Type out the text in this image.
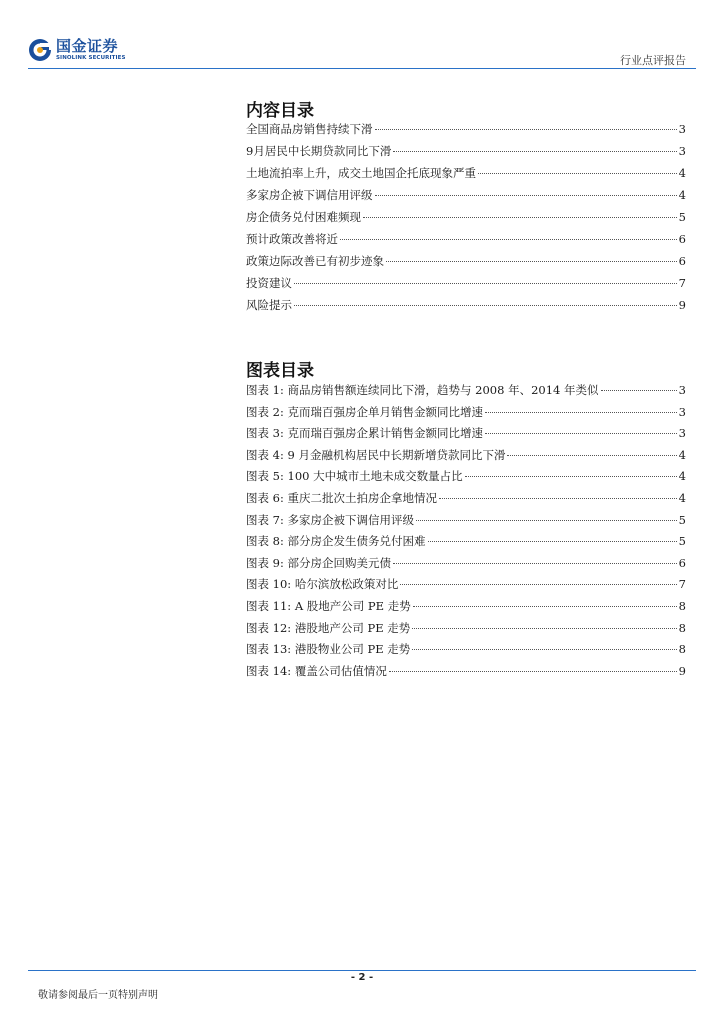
国金证券
SINOLINK SECURITIES	行业点评报告
内容目录
全国商品房销售持续下滑	3
9月居民中长期贷款同比下滑	3
土地流拍率上升，成交土地国企托底现象严重	4
多家房企被下调信用评级	4
房企债务兑付困难频现	5
预计政策改善将近	6
政策边际改善已有初步迹象	6
投资建议	7
风险提示	9
图表目录
图表 1: 商品房销售额连续同比下滑，趋势与 2008 年、2014 年类似	3
图表 2: 克而瑞百强房企单月销售金额同比增速	3
图表 3: 克而瑞百强房企累计销售金额同比增速	3
图表 4: 9 月金融机构居民中长期新增贷款同比下滑	4
图表 5: 100 大中城市土地未成交数量占比	4
图表 6: 重庆二批次土拍房企拿地情况	4
图表 7: 多家房企被下调信用评级	5
图表 8: 部分房企发生债务兑付困难	5
图表 9: 部分房企回购美元债	6
图表 10: 哈尔滨放松政策对比	7
图表 11: A 股地产公司 PE 走势	8
图表 12: 港股地产公司 PE 走势	8
图表 13: 港股物业公司 PE 走势	8
图表 14: 覆盖公司估值情况	9
- 2 -
敬请参阅最后一页特别声明
